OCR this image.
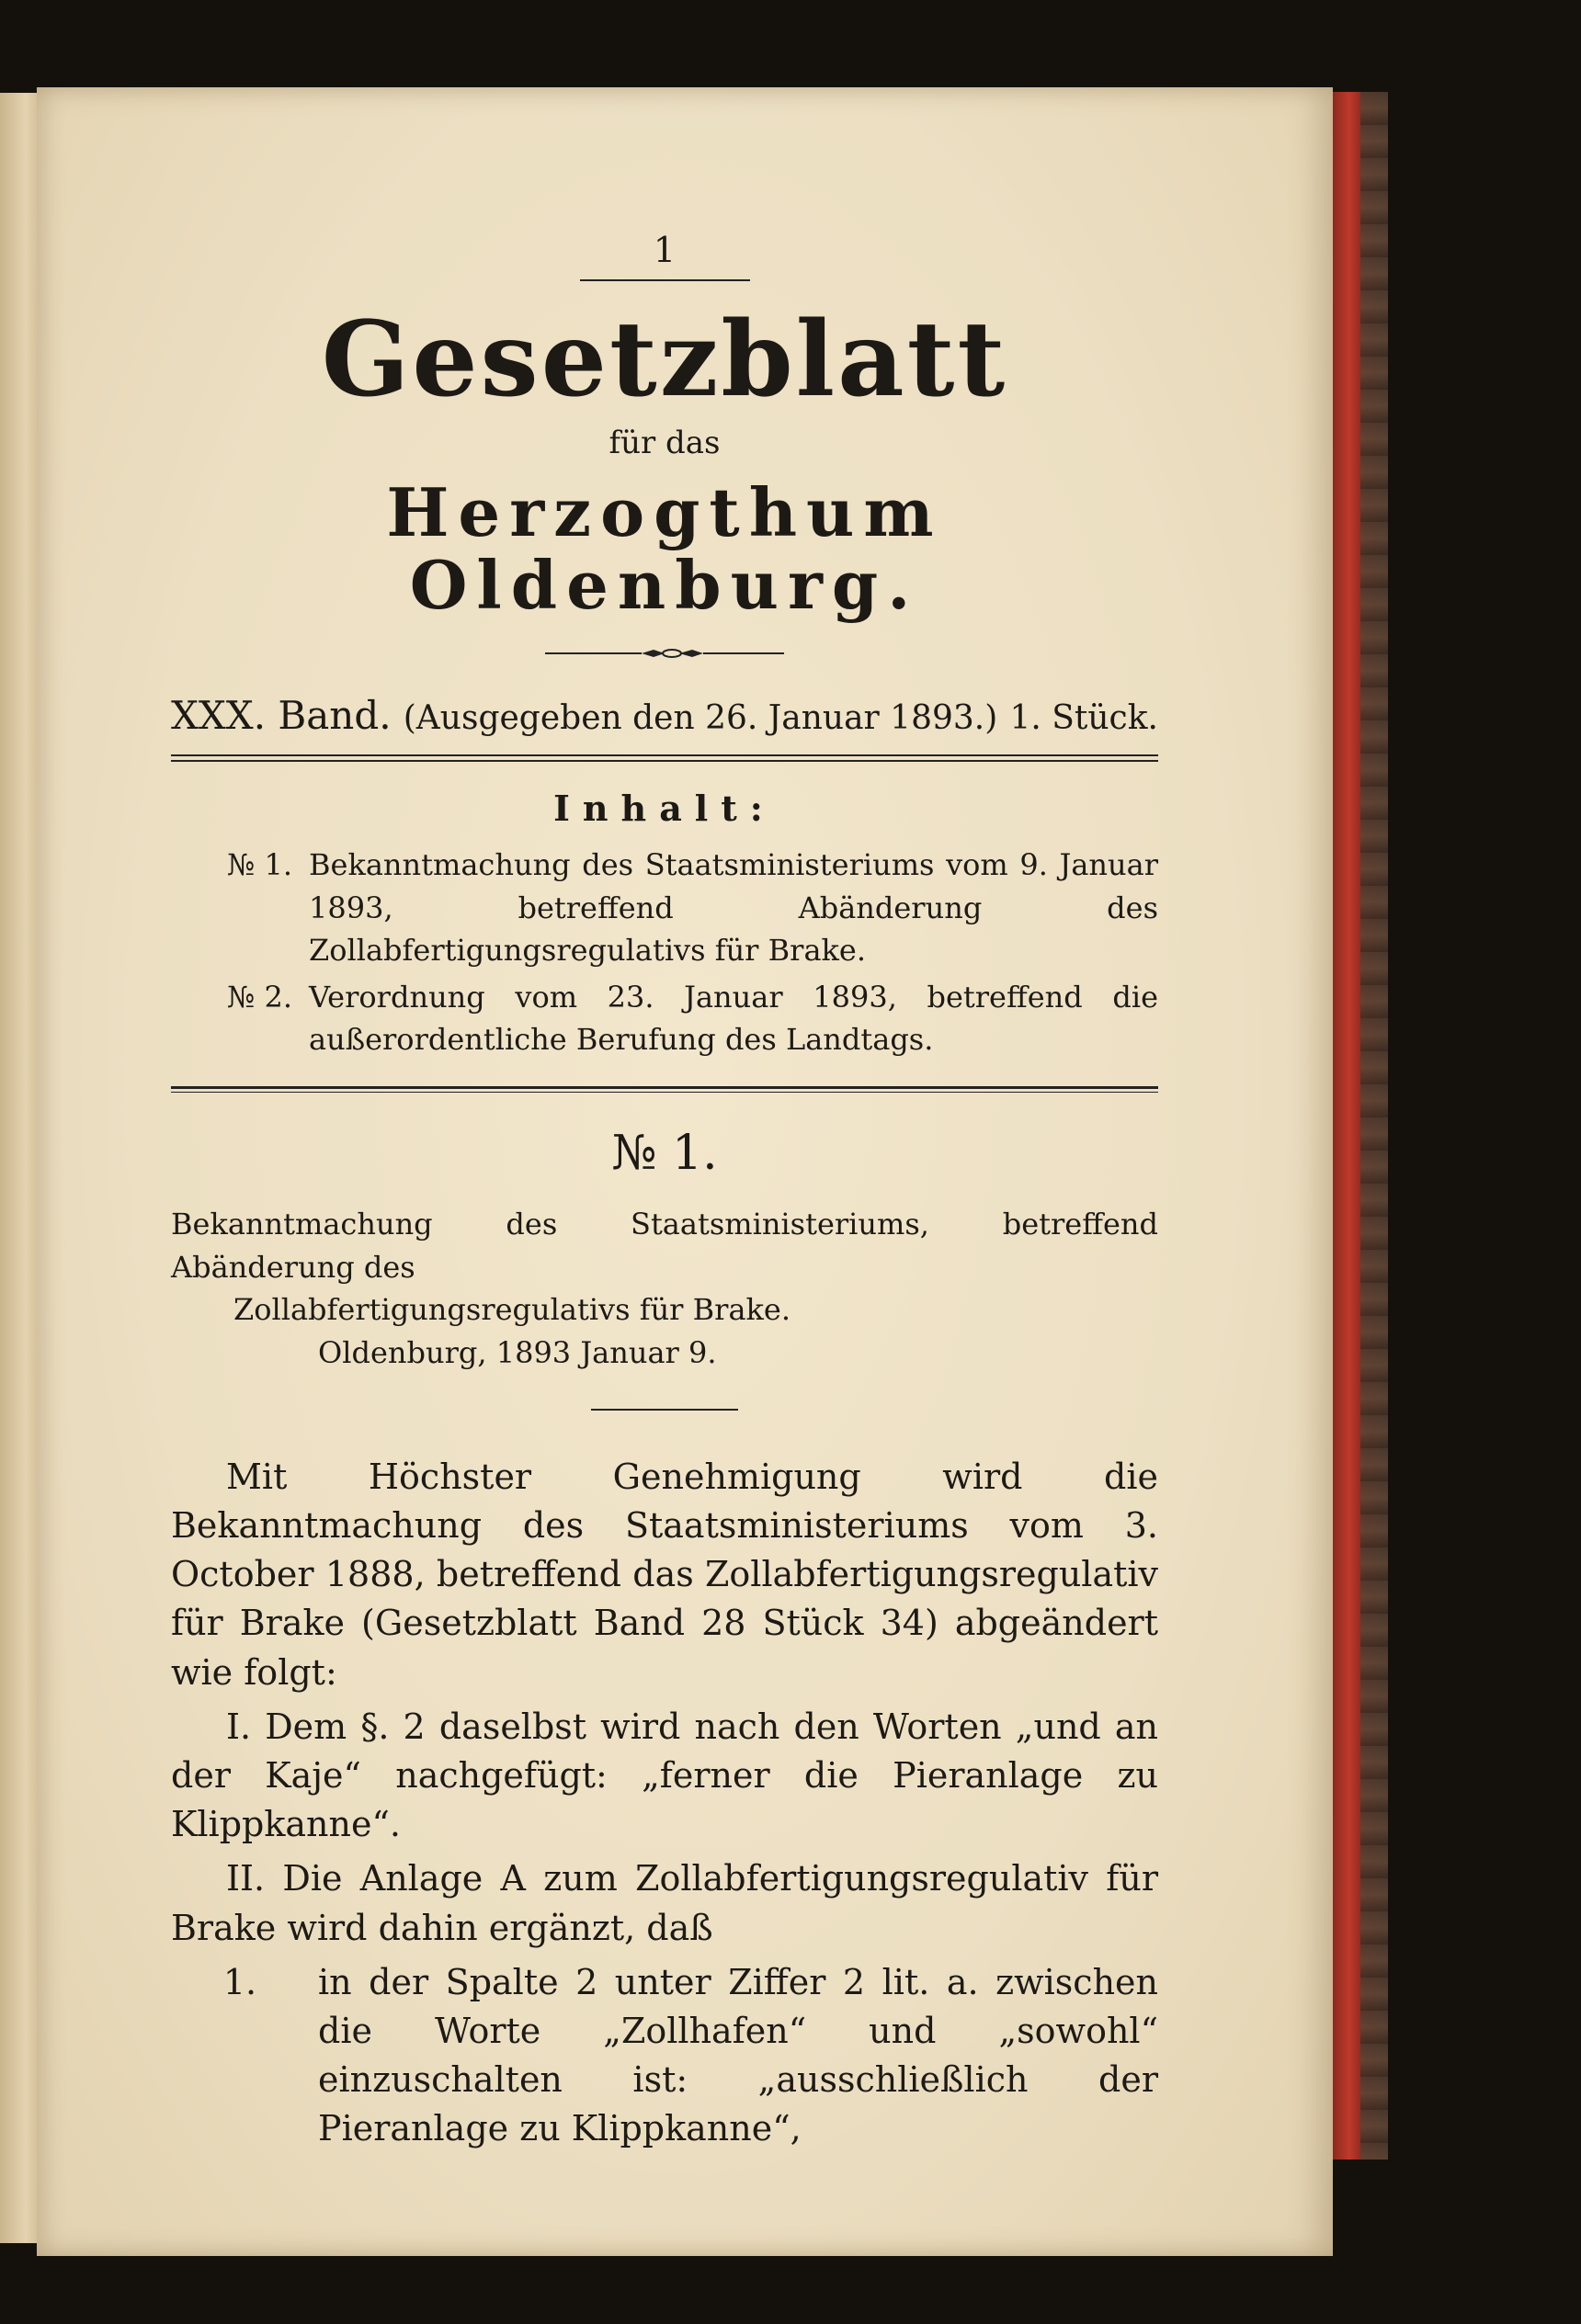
1
Gesetzblatt
für das
Herzogthum Oldenburg.
XXX. Band. (Ausgegeben den 26. Januar 1893.) 1. Stück.
Inhalt:
№ 1. Bekanntmachung des Staatsministeriums vom 9. Januar 1893, betreffend Abänderung des Zollabfertigungsregulativs für Brake.
№ 2. Verordnung vom 23. Januar 1893, betreffend die außerordentliche Berufung des Landtags.
№ 1.
Bekanntmachung des Staatsministeriums, betreffend Abänderung des
Zollabfertigungsregulativs für Brake.
Oldenburg, 1893 Januar 9.

Mit Höchster Genehmigung wird die Bekanntmachung des Staatsministeriums vom 3. October 1888, betreffend das Zollabfertigungsregulativ für Brake (Gesetzblatt Band 28 Stück 34) abgeändert wie folgt:

I. Dem §. 2 daselbst wird nach den Worten „und an der Kaje“ nachgefügt: „ferner die Pieranlage zu Klippkanne“.

II. Die Anlage A zum Zollabfertigungsregulativ für Brake wird dahin ergänzt, daß

1.	in der Spalte 2 unter Ziffer 2 lit. a. zwischen die Worte „Zollhafen“ und „sowohl“ einzuschalten ist: „ausschließlich der Pieranlage zu Klippkanne“,
